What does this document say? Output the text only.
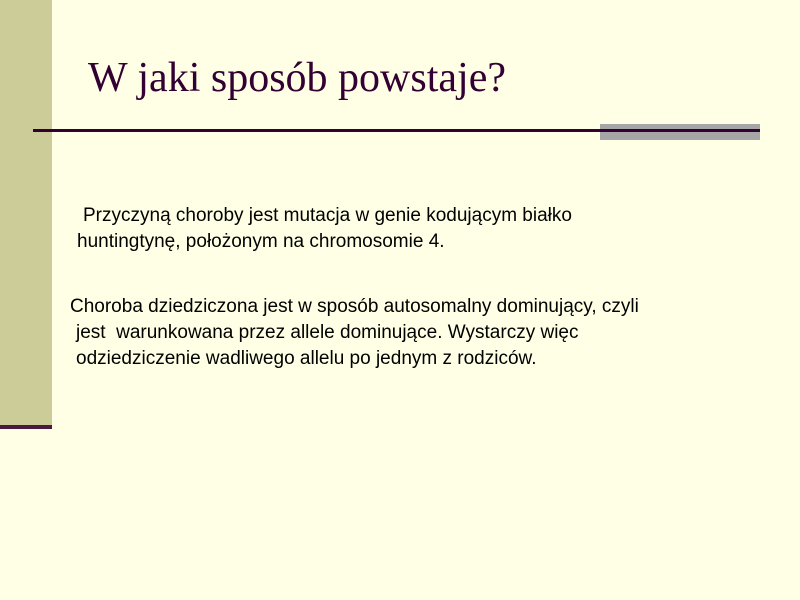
W jaki sposób powstaje?

Przyczyną choroby jest mutacja w genie kodującym białko
huntingtynę, położonym na chromosomie 4.

Choroba dziedziczona jest w sposób autosomalny dominujący, czyli
jest  warunkowana przez allele dominujące. Wystarczy więc
odziedziczenie wadliwego allelu po jednym z rodziców.
